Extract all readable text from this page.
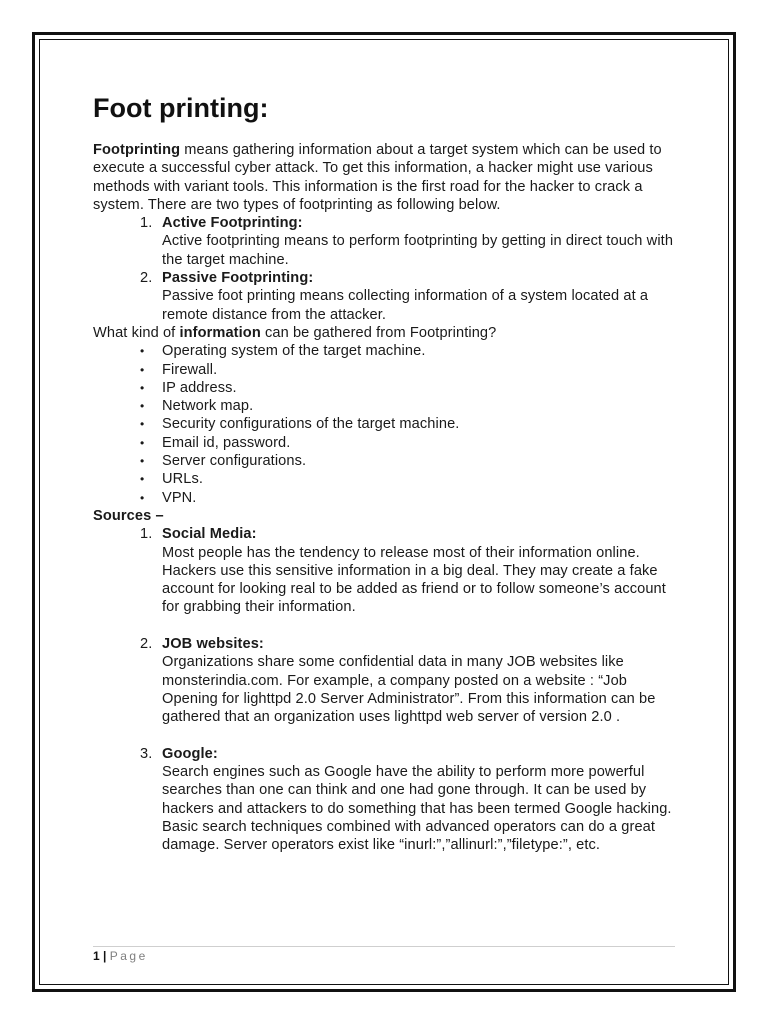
Foot printing:

Footprinting means gathering information about a target system which can be used to execute a successful cyber attack. To get this information, a hacker might use various methods with variant tools. This information is the first road for the hacker to crack a system. There are two types of footprinting as following below.

1. Active Footprinting:
Active footprinting means to perform footprinting by getting in direct touch with the target machine.
2. Passive Footprinting:
Passive foot printing means collecting information of a system located at a remote distance from the attacker.

What kind of information can be gathered from Footprinting?

• Operating system of the target machine.
• Firewall.
• IP address.
• Network map.
• Security configurations of the target machine.
• Email id, password.
• Server configurations.
• URLs.
• VPN.

Sources –

1. Social Media:
Most people has the tendency to release most of their information online. Hackers use this sensitive information in a big deal. They may create a fake account for looking real to be added as friend or to follow someone’s account for grabbing their information.
2. JOB websites:
Organizations share some confidential data in many JOB websites like monsterindia.com. For example, a company posted on a website : “Job Opening for lighttpd 2.0 Server Administrator”. From this information can be gathered that an organization uses lighttpd web server of version 2.0 .
3. Google:
Search engines such as Google have the ability to perform more powerful searches than one can think and one had gone through. It can be used by hackers and attackers to do something that has been termed Google hacking. Basic search techniques combined with advanced operators can do a great damage. Server operators exist like “inurl:”,”allinurl:”,”filetype:”, etc.
1 | Page
